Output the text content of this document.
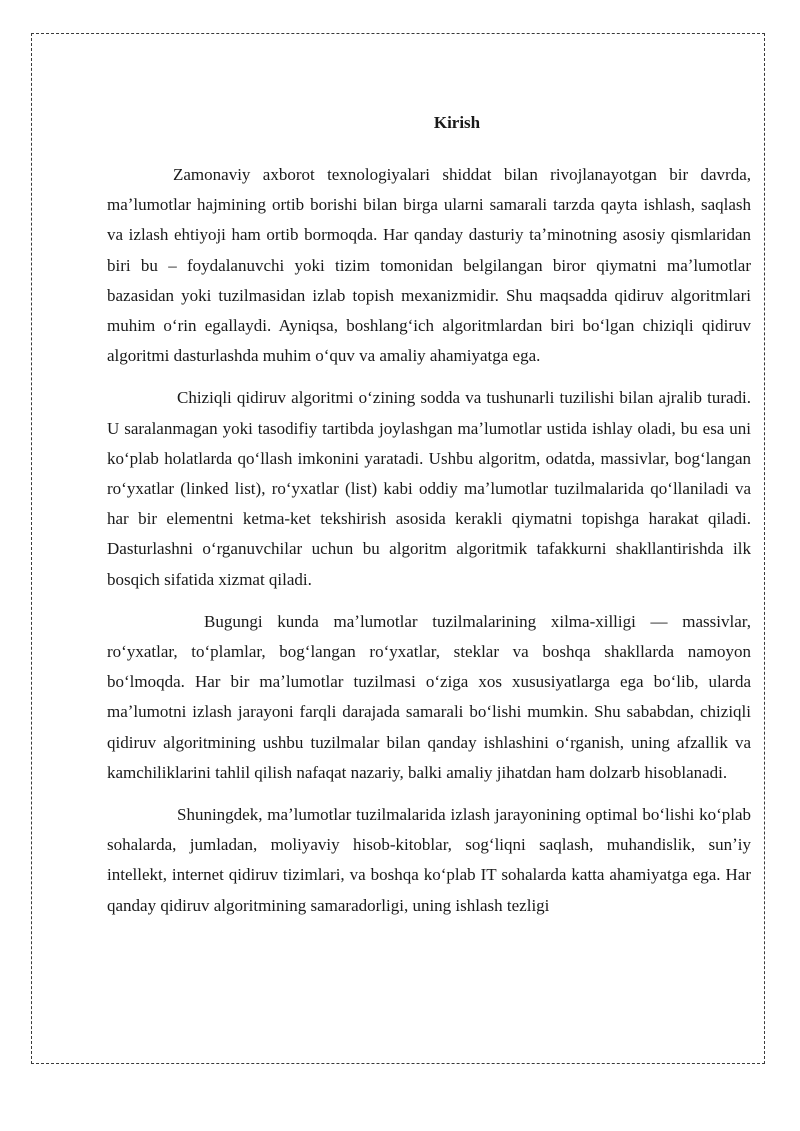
Kirish

Zamonaviy axborot texnologiyalari shiddat bilan rivojlanayotgan bir davrda, maʼlumotlar hajmining ortib borishi bilan birga ularni samarali tarzda qayta ishlash, saqlash va izlash ehtiyoji ham ortib bormoqda. Har qanday dasturiy taʼminotning asosiy qismlaridan biri bu – foydalanuvchi yoki tizim tomonidan belgilangan biror qiymatni maʼlumotlar bazasidan yoki tuzilmasidan izlab topish mexanizmidir. Shu maqsadda qidiruv algoritmlari muhim oʻrin egallaydi. Ayniqsa, boshlangʻich algoritmlardan biri boʻlgan chiziqli qidiruv algoritmi dasturlashda muhim oʻquv va amaliy ahamiyatga ega.

Chiziqli qidiruv algoritmi oʻzining sodda va tushunarli tuzilishi bilan ajralib turadi. U saralanmagan yoki tasodifiy tartibda joylashgan maʼlumotlar ustida ishlay oladi, bu esa uni koʻplab holatlarda qoʻllash imkonini yaratadi. Ushbu algoritm, odatda, massivlar, bogʻlangan roʻyxatlar (linked list), roʻyxatlar (list) kabi oddiy maʼlumotlar tuzilmalarida qoʻllaniladi va har bir elementni ketma-ket tekshirish asosida kerakli qiymatni topishga harakat qiladi. Dasturlashni oʻrganuvchilar uchun bu algoritm algoritmik tafakkurni shakllantirishda ilk bosqich sifatida xizmat qiladi.

Bugungi kunda maʼlumotlar tuzilmalarining xilma-xilligi — massivlar, roʻyxatlar, toʻplamlar, bogʻlangan roʻyxatlar, steklar va boshqa shakllarda namoyon boʻlmoqda. Har bir maʼlumotlar tuzilmasi oʻziga xos xususiyatlarga ega boʻlib, ularda maʼlumotni izlash jarayoni farqli darajada samarali boʻlishi mumkin. Shu sababdan, chiziqli qidiruv algoritmining ushbu tuzilmalar bilan qanday ishlashini oʻrganish, uning afzallik va kamchiliklarini tahlil qilish nafaqat nazariy, balki amaliy jihatdan ham dolzarb hisoblanadi.

Shuningdek, maʼlumotlar tuzilmalarida izlash jarayonining optimal boʻlishi koʻplab sohalarda, jumladan, moliyaviy hisob-kitoblar, sogʻliqni saqlash, muhandislik, sunʼiy intellekt, internet qidiruv tizimlari, va boshqa koʻplab IT sohalarda katta ahamiyatga ega. Har qanday qidiruv algoritmining samaradorligi, uning ishlash tezligi
